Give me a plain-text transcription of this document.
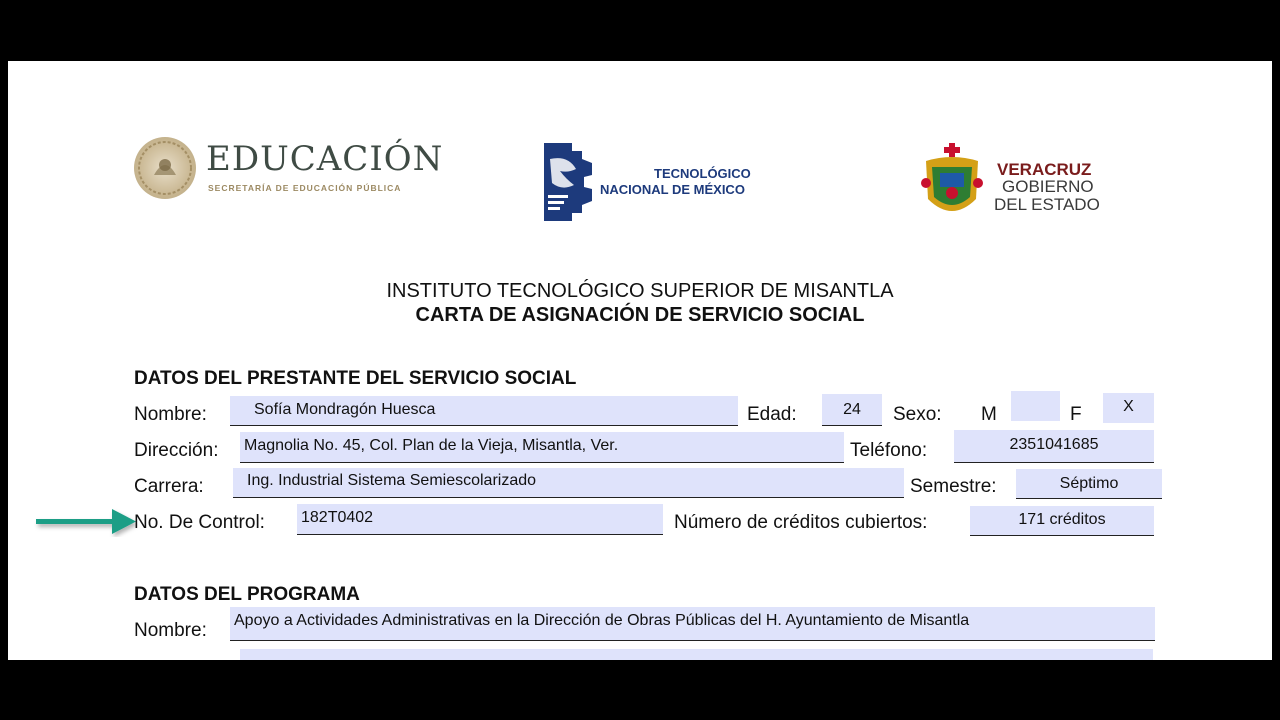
EDUCACIÓN
SECRETARÍA DE EDUCACIÓN PÚBLICA
TECNOLÓGICO
NACIONAL DE MÉXICO
VERACRUZ
GOBIERNO
DEL ESTADO
INSTITUTO TECNOLÓGICO SUPERIOR DE MISANTLA
CARTA DE ASIGNACIÓN DE SERVICIO SOCIAL
DATOS DEL PRESTANTE DEL SERVICIO SOCIAL
Nombre:	Sofía Mondragón Huesca	Edad:	24	Sexo: M	F	X
Dirección: Magnolia No. 45, Col. Plan de la Vieja, Misantla, Ver.	Teléfono:	2351041685
Carrera:	Ing. Industrial Sistema Semiescolarizado	Semestre:	Séptimo
No. De Control: 182T0402	Número de créditos cubiertos:	171 créditos
DATOS DEL PROGRAMA
Nombre: Apoyo a Actividades Administrativas en la Dirección de Obras Públicas del H. Ayuntamiento de Misantla
